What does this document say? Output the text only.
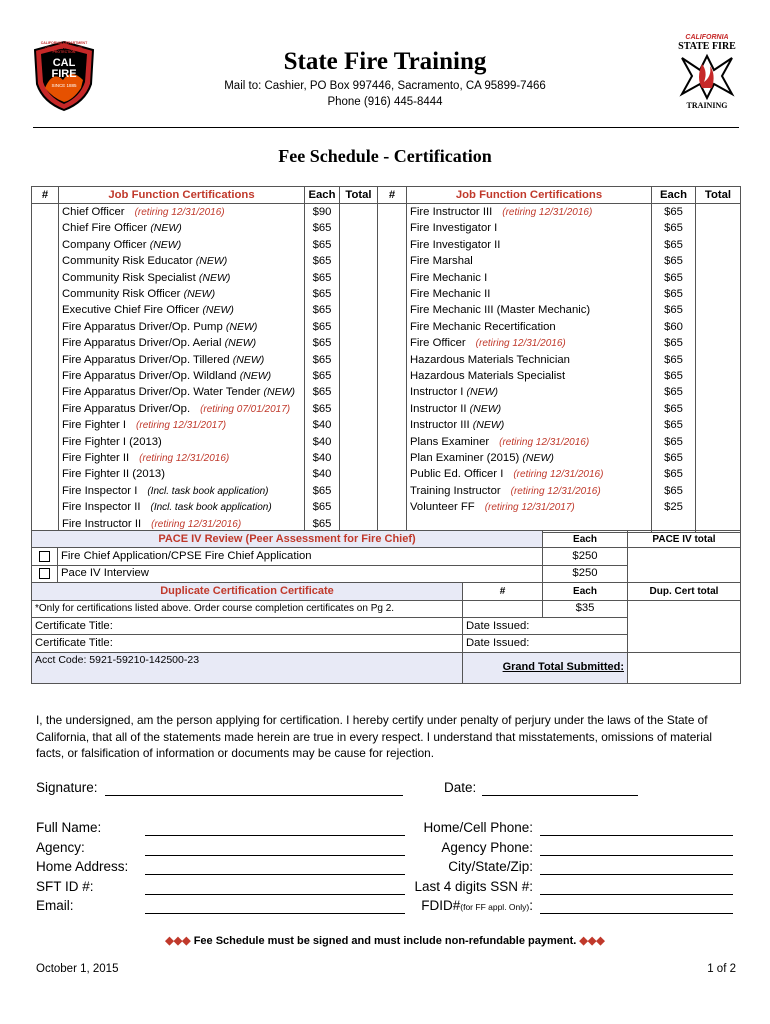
CAL
FIRE
CALIFORNIA DEPARTMENT OF FORESTRY & FIRE PROTECTION
SINCE 1885
CALIFORNIA
STATE FIRE
TRAINING
State Fire Training
Mail to: Cashier, PO Box 997446, Sacramento, CA 95899-7466
Phone (916) 445-8444
Fee Schedule - Certification
#	Job Function Certifications	Each	Total	#	Job Function Certifications	Each	Total
	Chief Officer (retiring 12/31/2016)	$90			Fire Instructor III (retiring 12/31/2016)	$65	
	Chief Fire Officer (NEW)	$65			Fire Investigator I	$65	
	Company Officer (NEW)	$65			Fire Investigator II	$65	
	Community Risk Educator (NEW)	$65			Fire Marshal	$65	
	Community Risk Specialist (NEW)	$65			Fire Mechanic I	$65	
	Community Risk Officer (NEW)	$65			Fire Mechanic II	$65	
	Executive Chief Fire Officer (NEW)	$65			Fire Mechanic III (Master Mechanic)	$65	
	Fire Apparatus Driver/Op. Pump (NEW)	$65			Fire Mechanic Recertification	$60	
	Fire Apparatus Driver/Op. Aerial (NEW)	$65			Fire Officer (retiring 12/31/2016)	$65	
	Fire Apparatus Driver/Op. Tillered (NEW)	$65			Hazardous Materials Technician	$65	
	Fire Apparatus Driver/Op. Wildland (NEW)	$65			Hazardous Materials Specialist	$65	
	Fire Apparatus Driver/Op. Water Tender (NEW)	$65			Instructor I (NEW)	$65	
	Fire Apparatus Driver/Op. (retiring 07/01/2017)	$65			Instructor II (NEW)	$65	
	Fire Fighter I (retiring 12/31/2017)	$40			Instructor III (NEW)	$65	
	Fire Fighter I (2013)	$40			Plans Examiner (retiring 12/31/2016)	$65	
	Fire Fighter II (retiring 12/31/2016)	$40			Plan Examiner (2015) (NEW)	$65	
	Fire Fighter II (2013)	$40			Public Ed. Officer I (retiring 12/31/2016)	$65	
	Fire Inspector I (Incl. task book application)	$65			Training Instructor (retiring 12/31/2016)	$65	
	Fire Inspector II (Incl. task book application)	$65			Volunteer FF (retiring 12/31/2017)	$25	
	Fire Instructor II (retiring 12/31/2016)	$65					
PACE IV Review (Peer Assessment for Fire Chief)			Each	PACE IV total
	Fire Chief Application/CPSE Fire Chief Application		$250	
	Pace IV Interview		$250	
Duplicate Certification Certificate		#	Each	Dup. Cert total
*Only for certifications listed above. Order course completion certificates on Pg 2.			$35	
Certificate Title:		Date Issued:		
Certificate Title:		Date Issued:		
Acct Code: 5921-59210-142500-23		Grand Total Submitted:		
I, the undersigned, am the person applying for certification. I hereby certify under penalty of perjury under the laws of the State of California, that all of the statements made herein are true in every respect. I understand that misstatements, omissions of material facts, or falsification of information or documents may be cause for rejection.
Signature:	Date:
Full Name:
Agency:
Home Address:
SFT ID #:
Email:
Home/Cell Phone:
Agency Phone:
City/State/Zip:
Last 4 digits SSN #:
FDID#(for FF appl. Only):
◆◆◆ Fee Schedule must be signed and must include non-refundable payment. ◆◆◆
October 1, 2015	1 of 2
